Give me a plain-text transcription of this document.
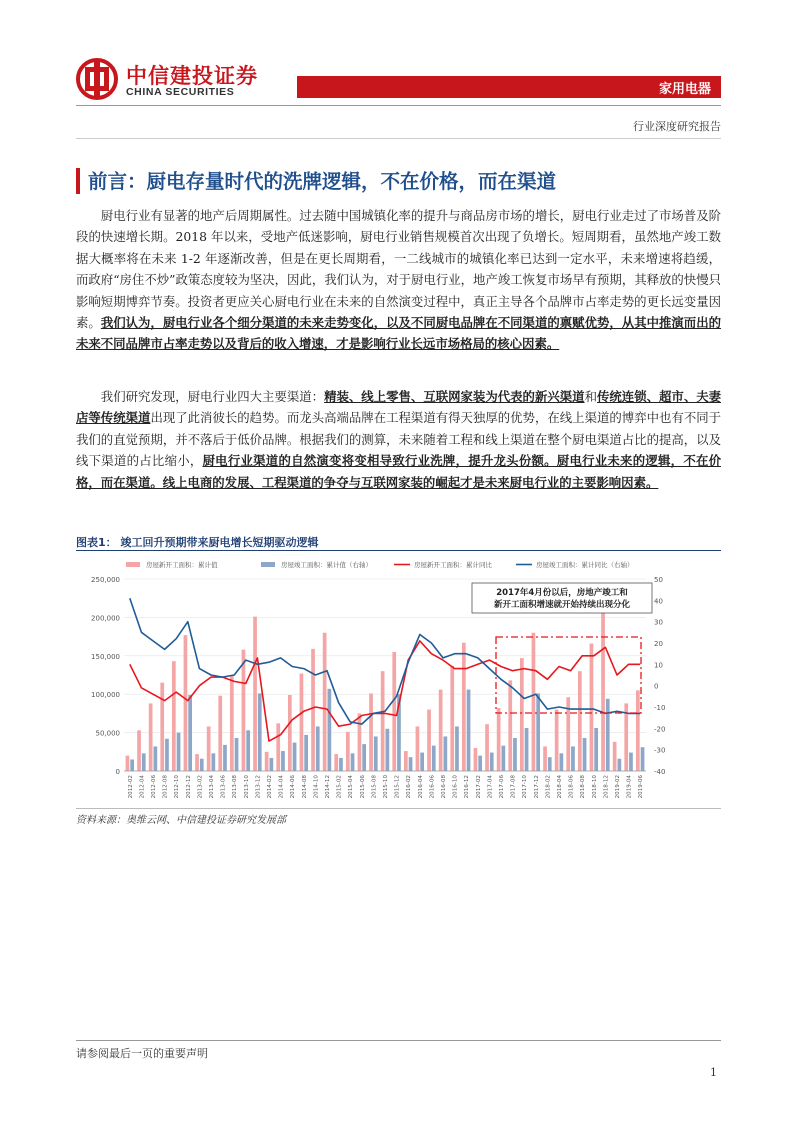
中信建投证券
CHINA SECURITIES	家用电器
行业深度研究报告
前言：厨电存量时代的洗牌逻辑，不在价格，而在渠道

厨电行业有显著的地产后周期属性。过去随中国城镇化率的提升与商品房市场的增长，厨电行业走过了市场普及阶段的快速增长期。2018 年以来，受地产低迷影响，厨电行业销售规模首次出现了负增长。短周期看，虽然地产竣工数据大概率将在未来 1-2 年逐渐改善，但是在更长周期看，一二线城市的城镇化率已达到一定水平，未来增速将趋缓，而政府“房住不炒”政策态度较为坚决，因此，我们认为，对于厨电行业，地产竣工恢复市场早有预期，其释放的快慢只影响短期博弈节奏。投资者更应关心厨电行业在未来的自然演变过程中，真正主导各个品牌市占率走势的更长远变量因素。我们认为，厨电行业各个细分渠道的未来走势变化，以及不同厨电品牌在不同渠道的禀赋优势，从其中推演而出的未来不同品牌市占率走势以及背后的收入增速，才是影响行业长远市场格局的核心因素。

我们研究发现，厨电行业四大主要渠道：精装、线上零售、互联网家装为代表的新兴渠道和传统连锁、超市、夫妻店等传统渠道出现了此消彼长的趋势。而龙头高端品牌在工程渠道有得天独厚的优势，在线上渠道的博弈中也有不同于我们的直觉预期，并不落后于低价品牌。根据我们的测算，未来随着工程和线上渠道在整个厨电渠道占比的提高，以及线下渠道的占比缩小，厨电行业渠道的自然演变将变相导致行业洗牌，提升龙头份额。厨电行业未来的逻辑，不在价格，而在渠道。线上电商的发展、工程渠道的争夺与互联网家装的崛起才是未来厨电行业的主要影响因素。

图表1： 竣工回升预期带来厨电增长短期驱动逻辑
房屋新开工面积：累计值	房屋竣工面积：累计值（右轴）	房屋新开工面积：累计同比	房屋竣工面积：累计同比（右轴）
250,000
200,000
150,000
100,000
50,000
0
50
40
30
20
10
0
-10
-20
-30
-40
2012-02 2012-04 2012-06 2012-08 2012-10 2012-12 2013-02 2013-04 2013-06 2013-08 2013-10 2013-12 2014-02 2014-04 2014-06 2014-08 2014-10 2014-12 2015-02 2015-04 2015-06 2015-08 2015-10 2015-12 2016-02 2016-04 2016-06 2016-08 2016-10 2016-12 2017-02 2017-04 2017-06 2017-08 2017-10 2017-12 2018-02 2018-04 2018-06 2018-08 2018-10 2018-12 2019-02 2019-04 2019-06
2017年4月份以后，房地产竣工和
新开工面积增速就开始持续出现分化
资料来源：奥维云网、中信建投证券研究发展部
请参阅最后一页的重要声明
1
